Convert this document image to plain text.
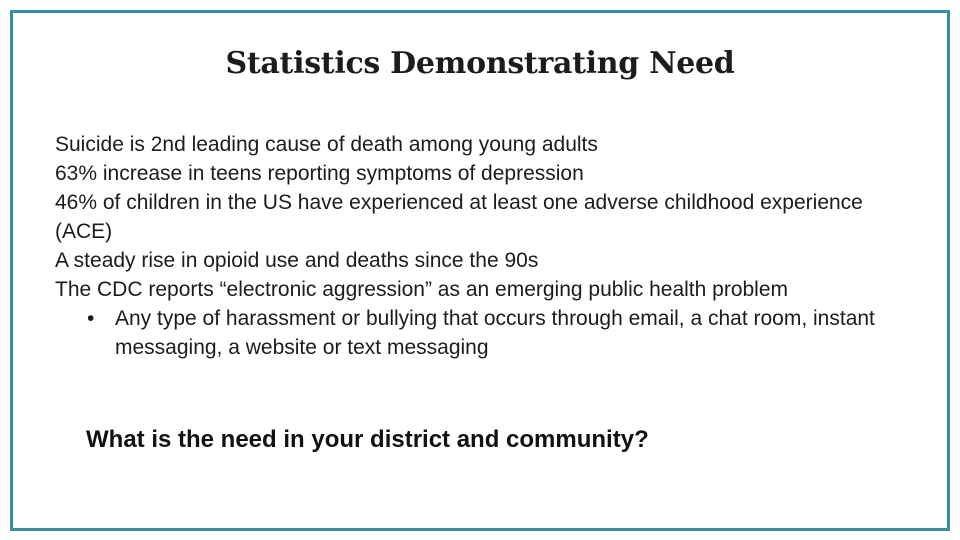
Statistics Demonstrating Need

Suicide is 2nd leading cause of death among young adults

63% increase in teens reporting symptoms of depression

46% of children in the US have experienced at least one adverse childhood experience (ACE)

A steady rise in opioid use and deaths since the 90s

The CDC reports “electronic aggression” as an emerging public health problem

• Any type of harassment or bullying that occurs through email, a chat room, instant messaging, a website or text messaging

What is the need in your district and community?
